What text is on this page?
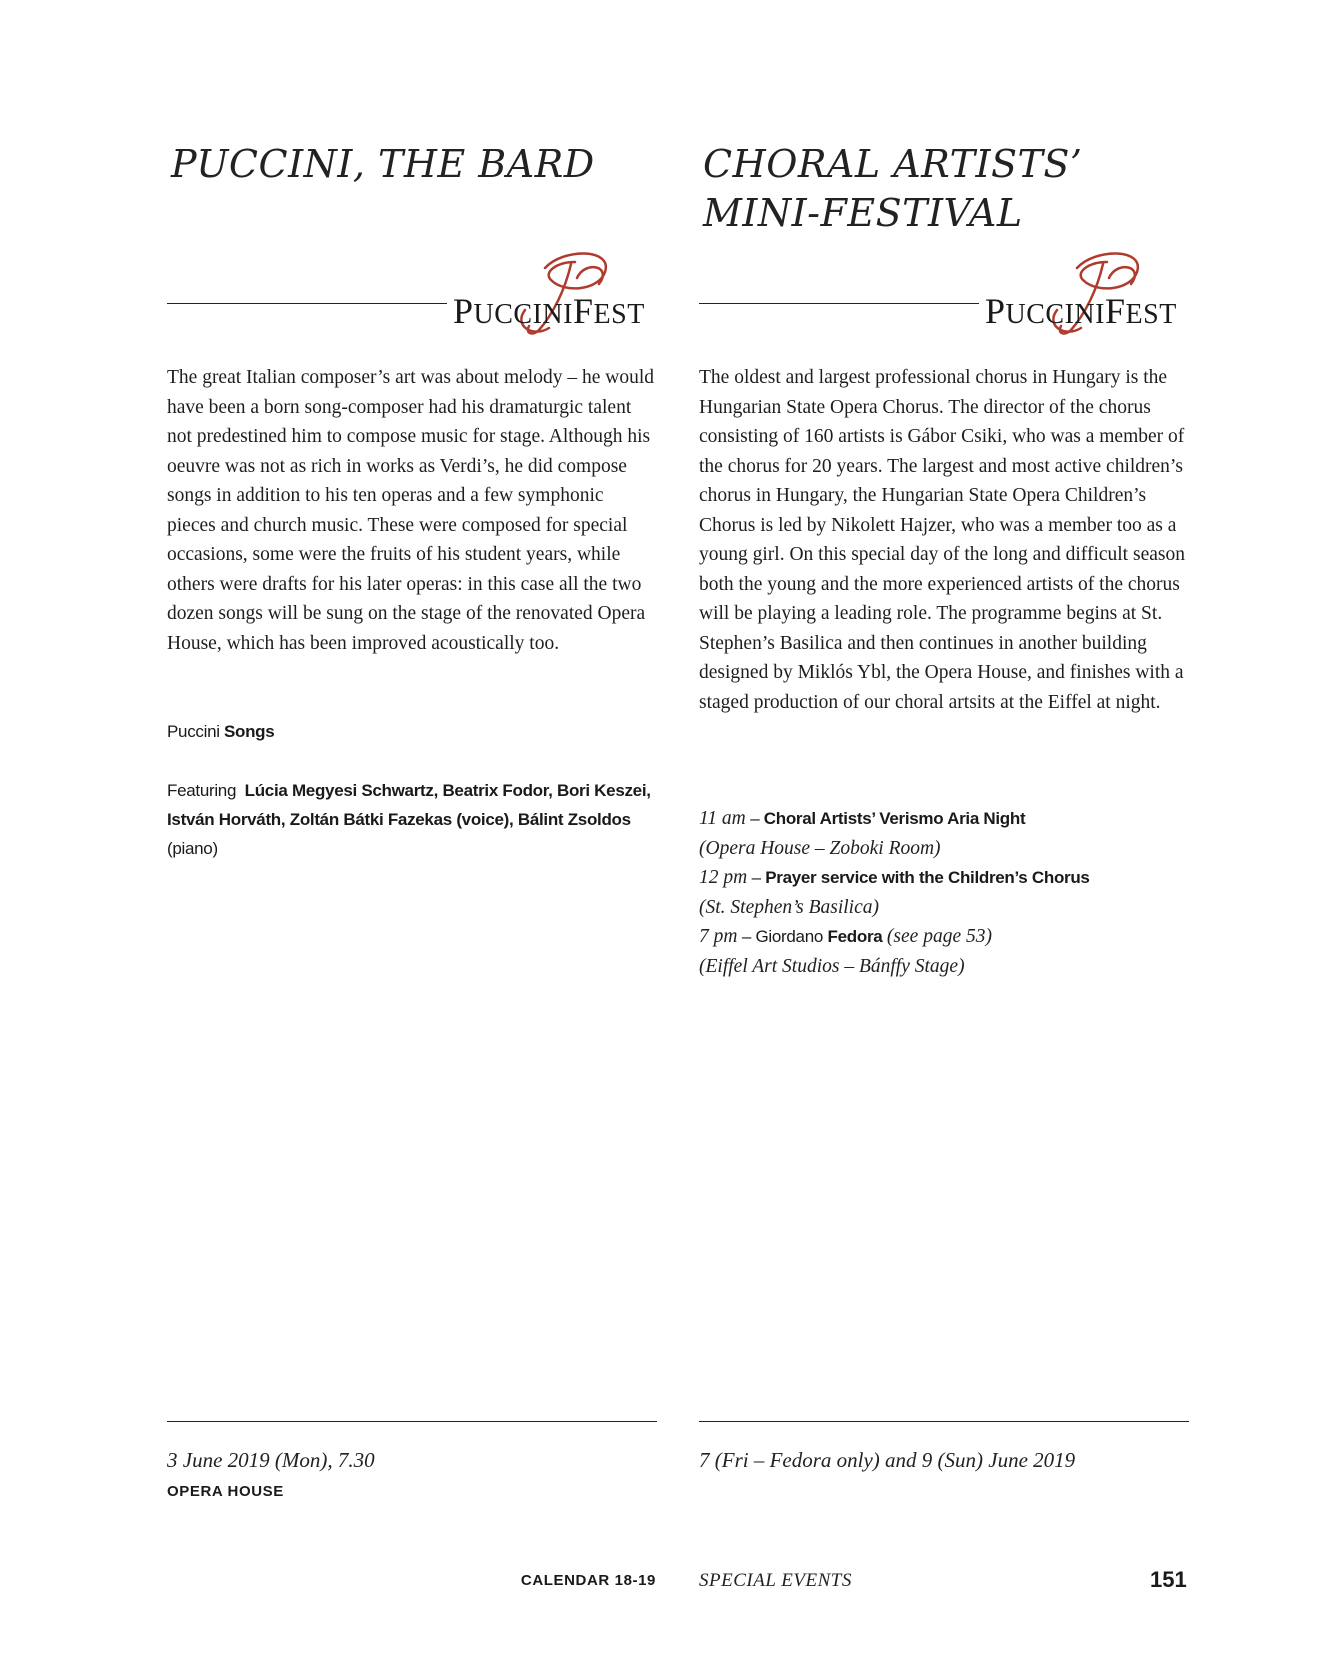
PUCCINI, THE BARD
PUCCINIFEST

The great Italian composer’s art was about melody – he would have been a born song-composer had his dramaturgic talent not predestined him to compose music for stage. Although his oeuvre was not as rich in works as Verdi’s, he did compose songs in addition to his ten operas and a few symphonic pieces and church music. These were composed for special occasions, some were the fruits of his student years, while others were drafts for his later operas: in this case all the two dozen songs will be sung on the stage of the renovated Opera House, which has been improved acoustically too.

Puccini Songs

Featuring Lúcia Megyesi Schwartz, Beatrix Fodor, Bori Keszei, István Horváth, Zoltán Bátki Fazekas (voice), Bálint Zsoldos (piano)

3 June 2019 (Mon), 7.30

OPERA HOUSE

CHORAL ARTISTS’
MINI-FESTIVAL
PUCCINIFEST

The oldest and largest professional chorus in Hungary is the Hungarian State Opera Chorus. The director of the chorus consisting of 160 artists is Gábor Csiki, who was a member of the chorus for 20 years. The largest and most active children’s chorus in Hungary, the Hungarian State Opera Children’s Chorus is led by Nikolett Hajzer, who was a member too as a young girl. On this special day of the long and difficult season both the young and the more experienced artists of the chorus will be playing a leading role. The programme begins at St. Stephen’s Basilica and then continues in another building designed by Miklós Ybl, the Opera House, and finishes with a staged production of our choral artsits at the Eiffel at night.

11 am – Choral Artists’ Verismo Aria Night
(Opera House – Zoboki Room)
12 pm – Prayer service with the Children’s Chorus
(St. Stephen’s Basilica)
7 pm – Giordano Fedora (see page 53)
(Eiffel Art Studios – Bánffy Stage)

7 (Fri – Fedora only) and 9 (Sun) June 2019

CALENDAR 18-19 SPECIAL EVENTS	151
